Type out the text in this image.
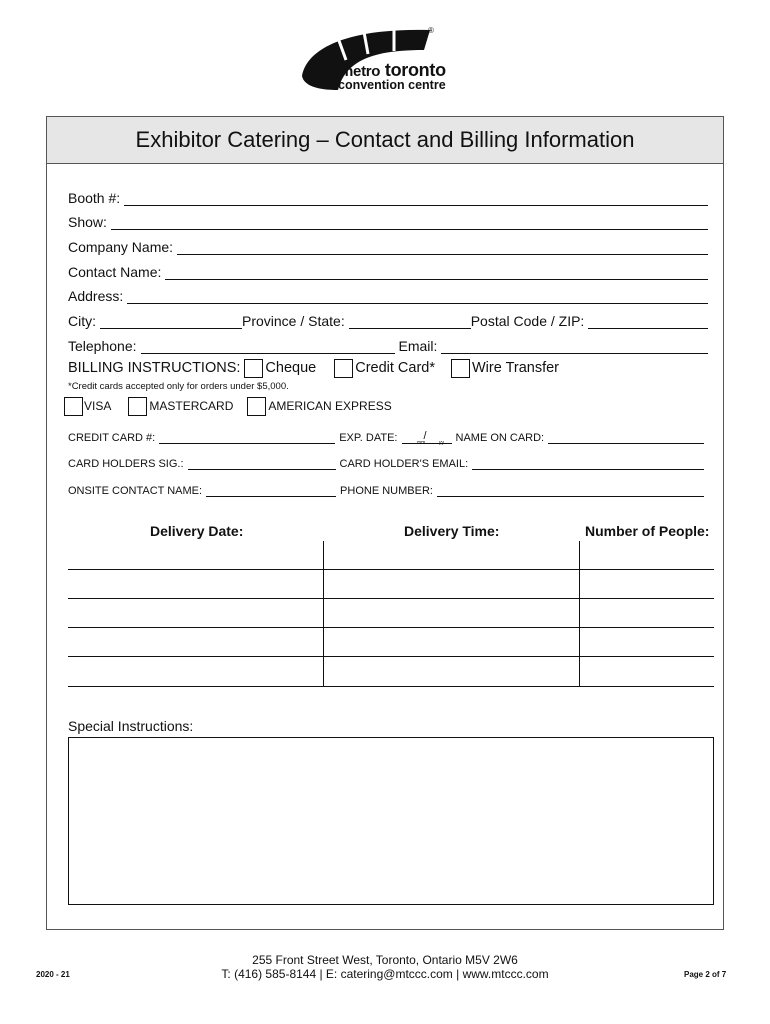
®
metro toronto
convention centre
Exhibitor Catering – Contact and Billing Information
Booth #:
Show:
Company Name:
Contact Name:
Address:
City:	Province / State:	Postal Code / ZIP:
Telephone:	Email:
BILLING INSTRUCTIONS: Cheque	Credit Card*	Wire Transfer
*Credit cards accepted only for orders under $5,000.
VISA	MASTERCARD	AMERICAN EXPRESS
CREDIT CARD #:	EXP. DATE:	/	NAME ON CARD:
mm	yy
CARD HOLDERS SIG.:	CARD HOLDER'S EMAIL:
ONSITE CONTACT NAME:	PHONE NUMBER:
Delivery Date:	Delivery Time:	Number of People:
Special Instructions:
2020 - 21
255 Front Street West, Toronto, Ontario M5V 2W6
T: (416) 585-8144 | E: catering@mtccc.com | www.mtccc.com	Page 2 of 7
